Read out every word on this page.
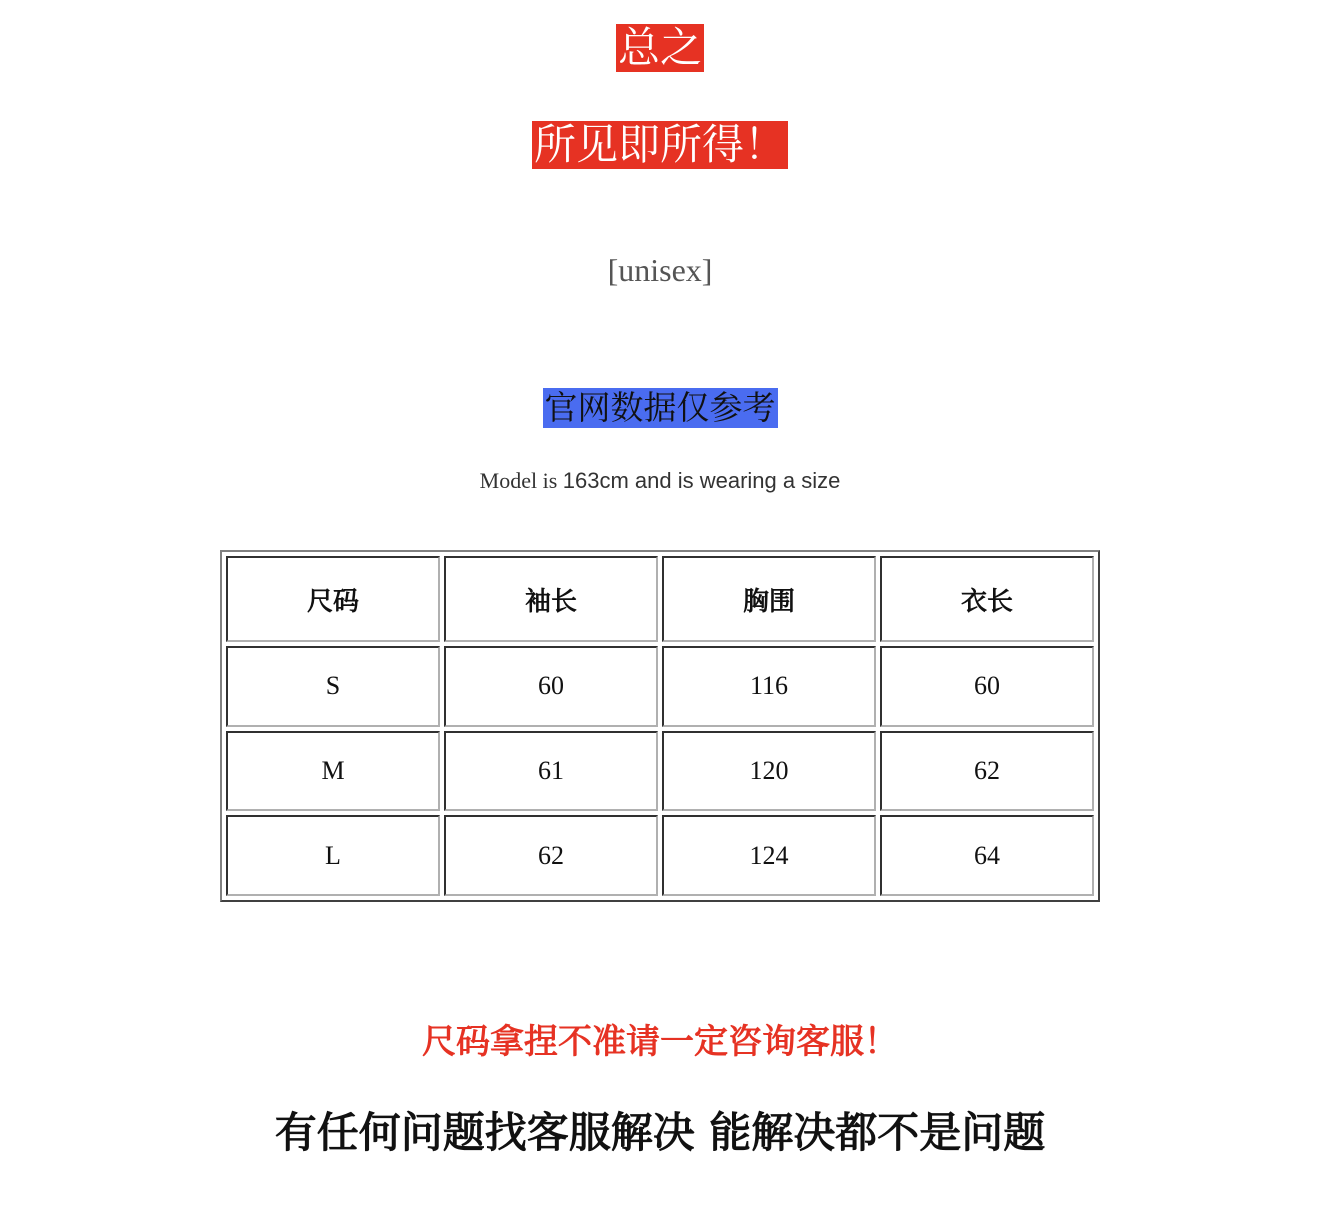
总之
所见即所得！
[unisex]
官网数据仅参考
Model is 163cm and is wearing a size
尺码	袖长	胸围	衣长
S	60	116	60
M	61	120	62
L	62	124	64
尺码拿捏不准请一定咨询客服！
有任何问题找客服解决 能解决都不是问题
